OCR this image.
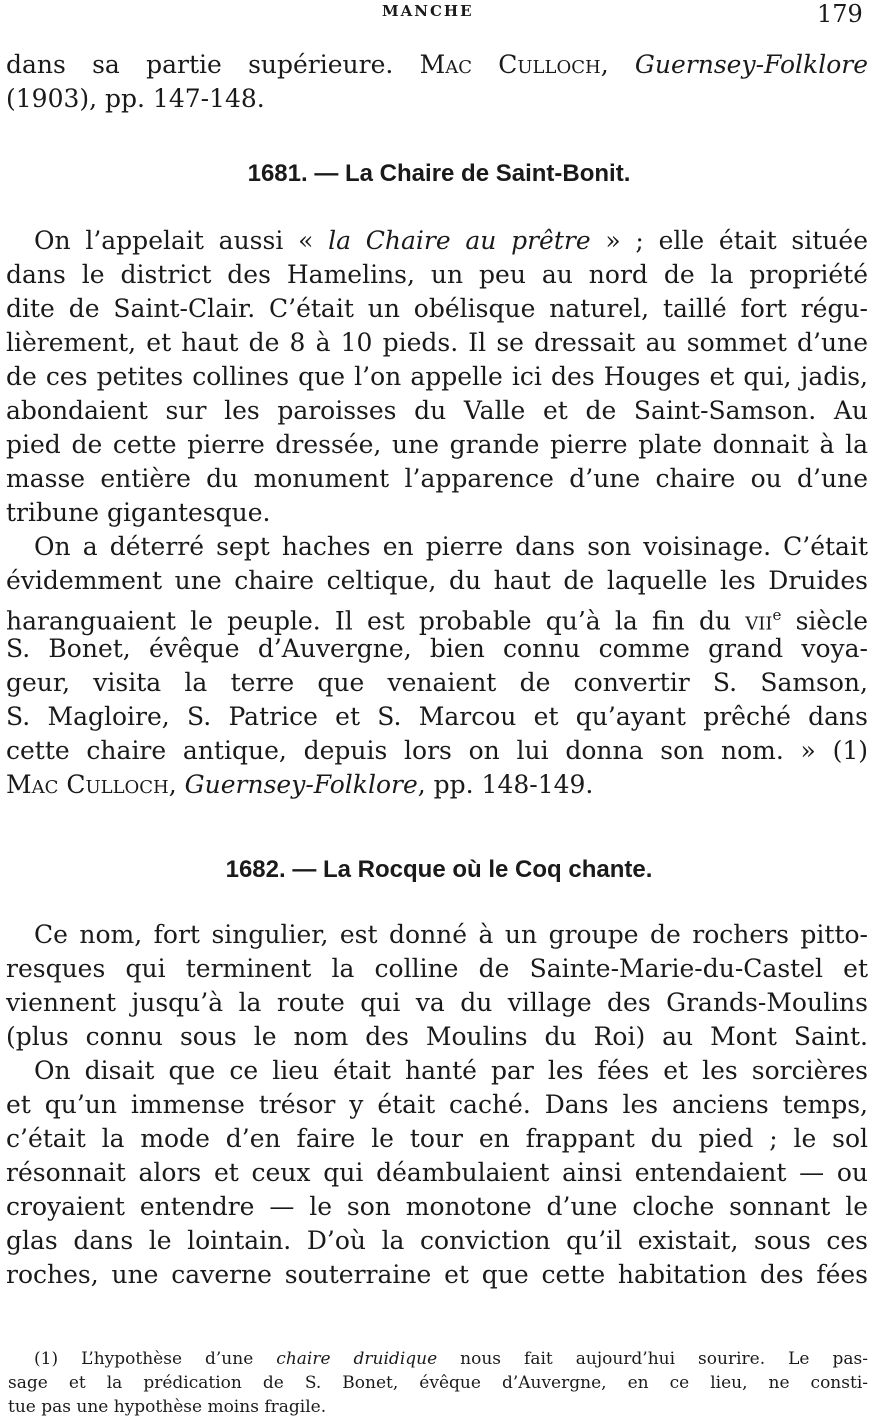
MANCHE	179
dans sa partie supérieure. Mac Culloch, Guernsey-Folklore
(1903), pp. 147-148.
1681. — La Chaire de Saint-Bonit.
On l’appelait aussi « la Chaire au prêtre » ; elle était située
dans le district des Hamelins, un peu au nord de la propriété
dite de Saint-Clair. C’était un obélisque naturel, taillé fort régu-
lièrement, et haut de 8 à 10 pieds. Il se dressait au sommet d’une
de ces petites collines que l’on appelle ici des Houges et qui, jadis,
abondaient sur les paroisses du Valle et de Saint-Samson. Au
pied de cette pierre dressée, une grande pierre plate donnait à la
masse entière du monument l’apparence d’une chaire ou d’une
tribune gigantesque.
On a déterré sept haches en pierre dans son voisinage. C’était
évidemment une chaire celtique, du haut de laquelle les Druides
haranguaient le peuple. Il est probable qu’à la fin du vii$^e$ siècle
S. Bonet, évêque d’Auvergne, bien connu comme grand voya-
geur, visita la terre que venaient de convertir S. Samson,
S. Magloire, S. Patrice et S. Marcou et qu’ayant prêché dans
cette chaire antique, depuis lors on lui donna son nom. » (1)
Mac Culloch, Guernsey-Folklore, pp. 148-149.
1682. — La Rocque où le Coq chante.
Ce nom, fort singulier, est donné à un groupe de rochers pitto-
resques qui terminent la colline de Sainte-Marie-du-Castel et
viennent jusqu’à la route qui va du village des Grands-Moulins
(plus connu sous le nom des Moulins du Roi) au Mont Saint.
On disait que ce lieu était hanté par les fées et les sorcières
et qu’un immense trésor y était caché. Dans les anciens temps,
c’était la mode d’en faire le tour en frappant du pied ; le sol
résonnait alors et ceux qui déambulaient ainsi entendaient — ou
croyaient entendre — le son monotone d’une cloche sonnant le
glas dans le lointain. D’où la conviction qu’il existait, sous ces
roches, une caverne souterraine et que cette habitation des fées
(1) L’hypothèse d’une chaire druidique nous fait aujourd’hui sourire. Le pas-
sage et la prédication de S. Bonet, évêque d’Auvergne, en ce lieu, ne consti-
tue pas une hypothèse moins fragile.
